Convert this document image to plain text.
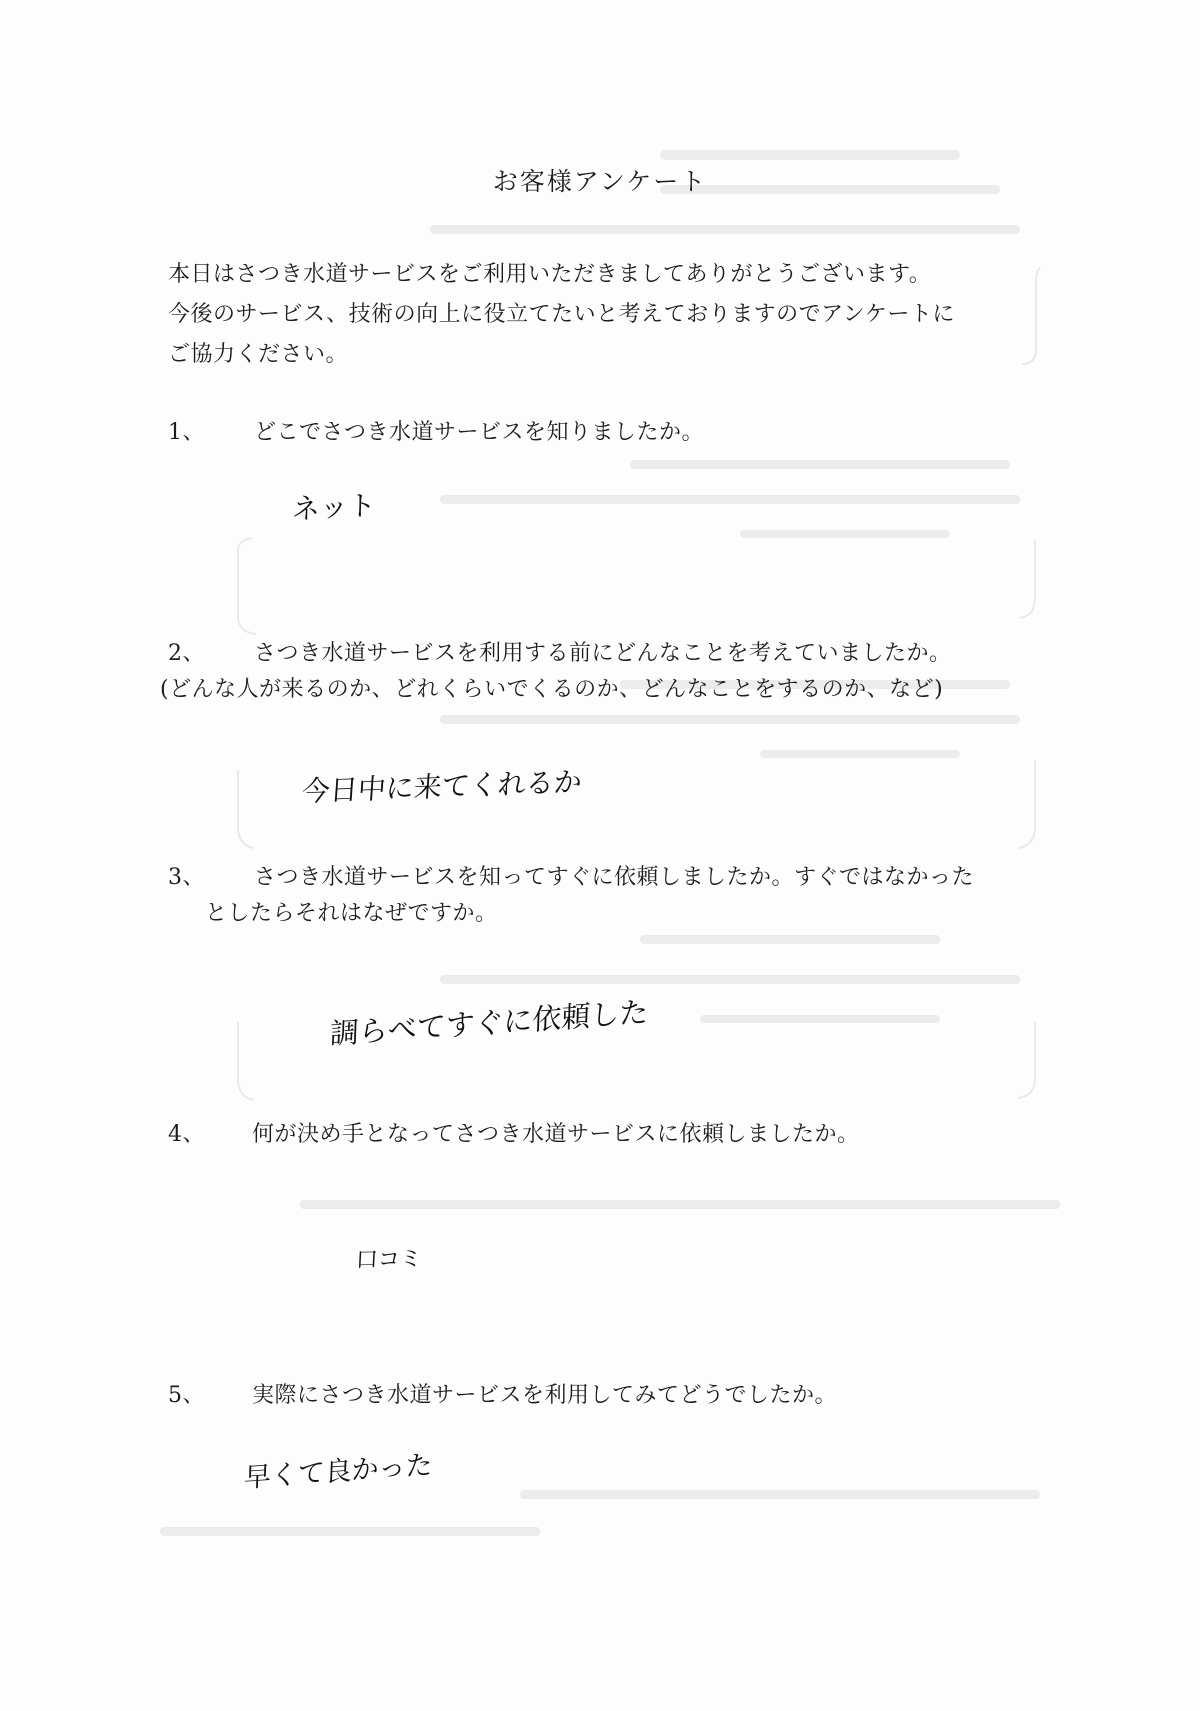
お客様アンケート

本日はさつき水道サービスをご利用いただきましてありがとうございます。

今後のサービス、技術の向上に役立てたいと考えておりますのでアンケートに

ご協力ください。

1、 どこでさつき水道サービスを知りましたか。
ネット
2、 さつき水道サービスを利用する前にどんなことを考えていましたか。
(どんな人が来るのか、どれくらいでくるのか、どんなことをするのか、など)
今日中に来てくれるか
3、 さつき水道サービスを知ってすぐに依頼しましたか。すぐではなかった
としたらそれはなぜですか。
調らべてすぐに依頼した
4、 何が決め手となってさつき水道サービスに依頼しましたか。
口コミ
5、 実際にさつき水道サービスを利用してみてどうでしたか。
早くて良かった
